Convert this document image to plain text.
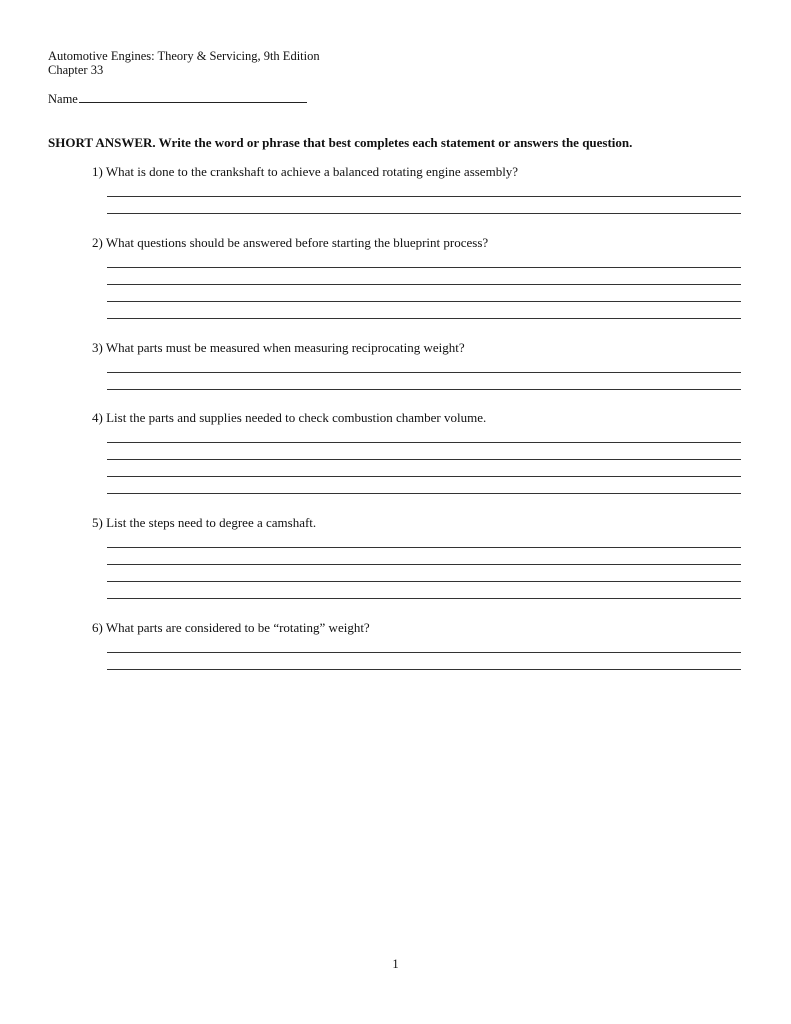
Automotive Engines: Theory & Servicing, 9th Edition
Chapter 33
Name
SHORT ANSWER. Write the word or phrase that best completes each statement or answers the question.
1) What is done to the crankshaft to achieve a balanced rotating engine assembly?
2) What questions should be answered before starting the blueprint process?
3) What parts must be measured when measuring reciprocating weight?
4) List the parts and supplies needed to check combustion chamber volume.
5) List the steps need to degree a camshaft.
6) What parts are considered to be “rotating” weight?
1
